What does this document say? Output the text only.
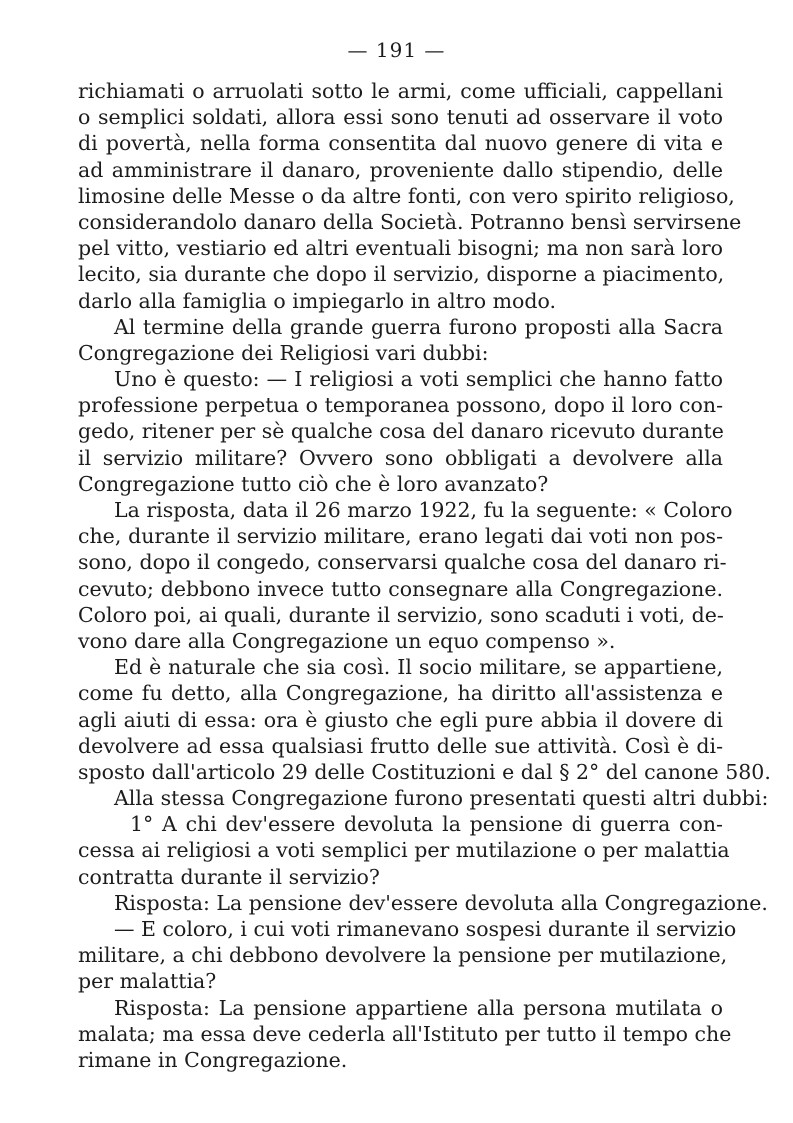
— 191 —
richiamati o arruolati sotto le armi, come ufficiali, cappellani
o semplici soldati, allora essi sono tenuti ad osservare il voto
di povertà, nella forma consentita dal nuovo genere di vita e
ad amministrare il danaro, proveniente dallo stipendio, delle
limosine delle Messe o da altre fonti, con vero spirito religioso,
considerandolo danaro della Società. Potranno bensì servirsene
pel vitto, vestiario ed altri eventuali bisogni; ma non sarà loro
lecito, sia durante che dopo il servizio, disporne a piacimento,
darlo alla famiglia o impiegarlo in altro modo.
Al termine della grande guerra furono proposti alla Sacra
Congregazione dei Religiosi vari dubbi:
Uno è questo: — I religiosi a voti semplici che hanno fatto
professione perpetua o temporanea possono, dopo il loro con-
gedo, ritener per sè qualche cosa del danaro ricevuto durante
il servizio militare? Ovvero sono obbligati a devolvere alla
Congregazione tutto ciò che è loro avanzato?
La risposta, data il 26 marzo 1922, fu la seguente: « Coloro
che, durante il servizio militare, erano legati dai voti non pos-
sono, dopo il congedo, conservarsi qualche cosa del danaro ri-
cevuto; debbono invece tutto consegnare alla Congregazione.
Coloro poi, ai quali, durante il servizio, sono scaduti i voti, de-
vono dare alla Congregazione un equo compenso ».
Ed è naturale che sia così. Il socio militare, se appartiene,
come fu detto, alla Congregazione, ha diritto all'assistenza e
agli aiuti di essa: ora è giusto che egli pure abbia il dovere di
devolvere ad essa qualsiasi frutto delle sue attività. Così è di-
sposto dall'articolo 29 delle Costituzioni e dal § 2° del canone 580.
Alla stessa Congregazione furono presentati questi altri dubbi:
1° A chi dev'essere devoluta la pensione di guerra con-
cessa ai religiosi a voti semplici per mutilazione o per malattia
contratta durante il servizio?
Risposta: La pensione dev'essere devoluta alla Congregazione.
— E coloro, i cui voti rimanevano sospesi durante il servizio
militare, a chi debbono devolvere la pensione per mutilazione,
per malattia?
Risposta: La pensione appartiene alla persona mutilata o
malata; ma essa deve cederla all'Istituto per tutto il tempo che
rimane in Congregazione.
